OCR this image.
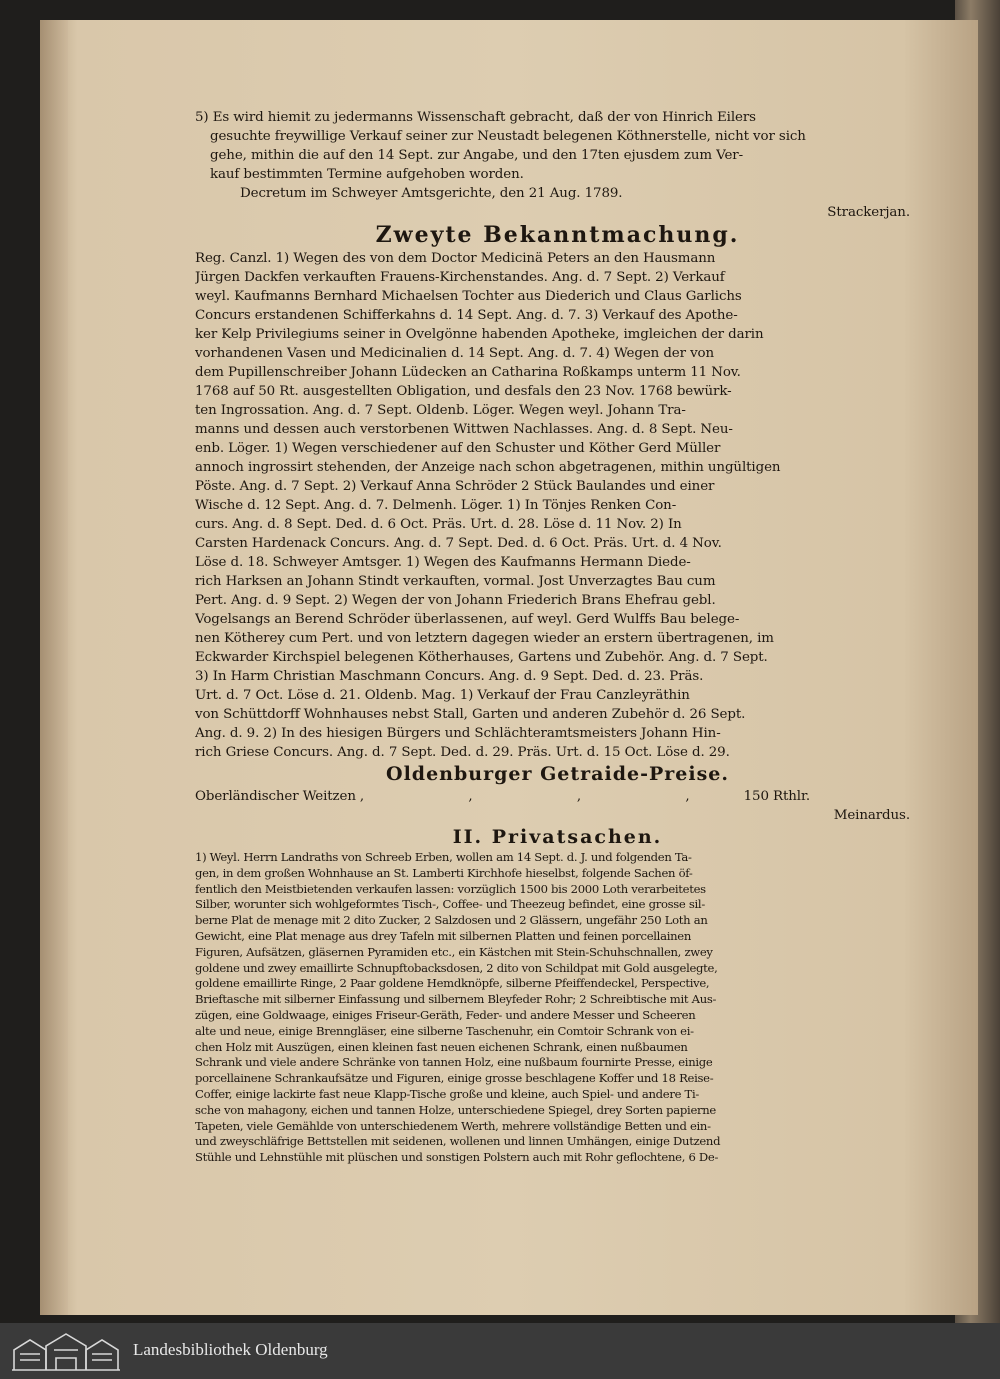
5) Es wird hiemit zu jedermanns Wissenschaft gebracht, daß der von Hinrich Eilers
gesuchte freywillige Verkauf seiner zur Neustadt belegenen Köthnerstelle, nicht vor sich
gehe, mithin die auf den 14 Sept. zur Angabe, und den 17ten ejusdem zum Ver-
kauf bestimmten Termine aufgehoben worden.
Decretum im Schweyer Amtsgerichte, den 21 Aug. 1789.
Strackerjan.
Zweyte Bekanntmachung.
Reg. Canzl. 1) Wegen des von dem Doctor Medicinä Peters an den Hausmann
Jürgen Dackfen verkauften Frauens-Kirchenstandes. Ang. d. 7 Sept. 2) Verkauf
weyl. Kaufmanns Bernhard Michaelsen Tochter aus Diederich und Claus Garlichs
Concurs erstandenen Schifferkahns d. 14 Sept. Ang. d. 7. 3) Verkauf des Apothe-
ker Kelp Privilegiums seiner in Ovelgönne habenden Apotheke, imgleichen der darin
vorhandenen Vasen und Medicinalien d. 14 Sept. Ang. d. 7. 4) Wegen der von
dem Pupillenschreiber Johann Lüdecken an Catharina Roßkamps unterm 11 Nov.
1768 auf 50 Rt. ausgestellten Obligation, und desfals den 23 Nov. 1768 bewürk-
ten Ingrossation. Ang. d. 7 Sept. Oldenb. Löger. Wegen weyl. Johann Tra-
manns und dessen auch verstorbenen Wittwen Nachlasses. Ang. d. 8 Sept. Neu-
enb. Löger. 1) Wegen verschiedener auf den Schuster und Köther Gerd Müller
annoch ingrossirt stehenden, der Anzeige nach schon abgetragenen, mithin ungültigen
Pöste. Ang. d. 7 Sept. 2) Verkauf Anna Schröder 2 Stück Baulandes und einer
Wische d. 12 Sept. Ang. d. 7. Delmenh. Löger. 1) In Tönjes Renken Con-
curs. Ang. d. 8 Sept. Ded. d. 6 Oct. Präs. Urt. d. 28. Löse d. 11 Nov. 2) In
Carsten Hardenack Concurs. Ang. d. 7 Sept. Ded. d. 6 Oct. Präs. Urt. d. 4 Nov.
Löse d. 18. Schweyer Amtsger. 1) Wegen des Kaufmanns Hermann Diede-
rich Harksen an Johann Stindt verkauften, vormal. Jost Unverzagtes Bau cum
Pert. Ang. d. 9 Sept. 2) Wegen der von Johann Friederich Brans Ehefrau gebl.
Vogelsangs an Berend Schröder überlassenen, auf weyl. Gerd Wulffs Bau belege-
nen Kötherey cum Pert. und von letztern dagegen wieder an erstern übertragenen, im
Eckwarder Kirchspiel belegenen Kötherhauses, Gartens und Zubehör. Ang. d. 7 Sept.
3) In Harm Christian Maschmann Concurs. Ang. d. 9 Sept. Ded. d. 23. Präs.
Urt. d. 7 Oct. Löse d. 21. Oldenb. Mag. 1) Verkauf der Frau Canzleyräthin
von Schüttdorff Wohnhauses nebst Stall, Garten und anderen Zubehör d. 26 Sept.
Ang. d. 9. 2) In des hiesigen Bürgers und Schlächteramtsmeisters Johann Hin-
rich Griese Concurs. Ang. d. 7 Sept. Ded. d. 29. Präs. Urt. d. 15 Oct. Löse d. 29.
Oldenburger Getraide-Preise.
Oberländischer Weitzen , , , , 150 Rthlr.
Meinardus.
II. Privatsachen.
1) Weyl. Herrn Landraths von Schreeb Erben, wollen am 14 Sept. d. J. und folgenden Ta-
gen, in dem großen Wohnhause an St. Lamberti Kirchhofe hieselbst, folgende Sachen öf-
fentlich den Meistbietenden verkaufen lassen: vorzüglich 1500 bis 2000 Loth verarbeitetes
Silber, worunter sich wohlgeformtes Tisch-, Coffee- und Theezeug befindet, eine grosse sil-
berne Plat de menage mit 2 dito Zucker, 2 Salzdosen und 2 Glässern, ungefähr 250 Loth an
Gewicht, eine Plat menage aus drey Tafeln mit silbernen Platten und feinen porcellainen
Figuren, Aufsätzen, gläsernen Pyramiden etc., ein Kästchen mit Stein-Schuhschnallen, zwey
goldene und zwey emaillirte Schnupftobacksdosen, 2 dito von Schildpat mit Gold ausgelegte,
goldene emaillirte Ringe, 2 Paar goldene Hemdknöpfe, silberne Pfeiffendeckel, Perspective,
Brieftasche mit silberner Einfassung und silbernem Bleyfeder Rohr; 2 Schreibtische mit Aus-
zügen, eine Goldwaage, einiges Friseur-Geräth, Feder- und andere Messer und Scheeren
alte und neue, einige Brenngläser, eine silberne Taschenuhr, ein Comtoir Schrank von ei-
chen Holz mit Auszügen, einen kleinen fast neuen eichenen Schrank, einen nußbaumen
Schrank und viele andere Schränke von tannen Holz, eine nußbaum fournirte Presse, einige
porcellainene Schrankaufsätze und Figuren, einige grosse beschlagene Koffer und 18 Reise-
Coffer, einige lackirte fast neue Klapp-Tische große und kleine, auch Spiel- und andere Ti-
sche von mahagony, eichen und tannen Holze, unterschiedene Spiegel, drey Sorten papierne
Tapeten, viele Gemählde von unterschiedenem Werth, mehrere vollständige Betten und ein-
und zweyschläfrige Bettstellen mit seidenen, wollenen und linnen Umhängen, einige Dutzend
Stühle und Lehnstühle mit plüschen und sonstigen Polstern auch mit Rohr geflochtene, 6 De-
Landesbibliothek Oldenburg
